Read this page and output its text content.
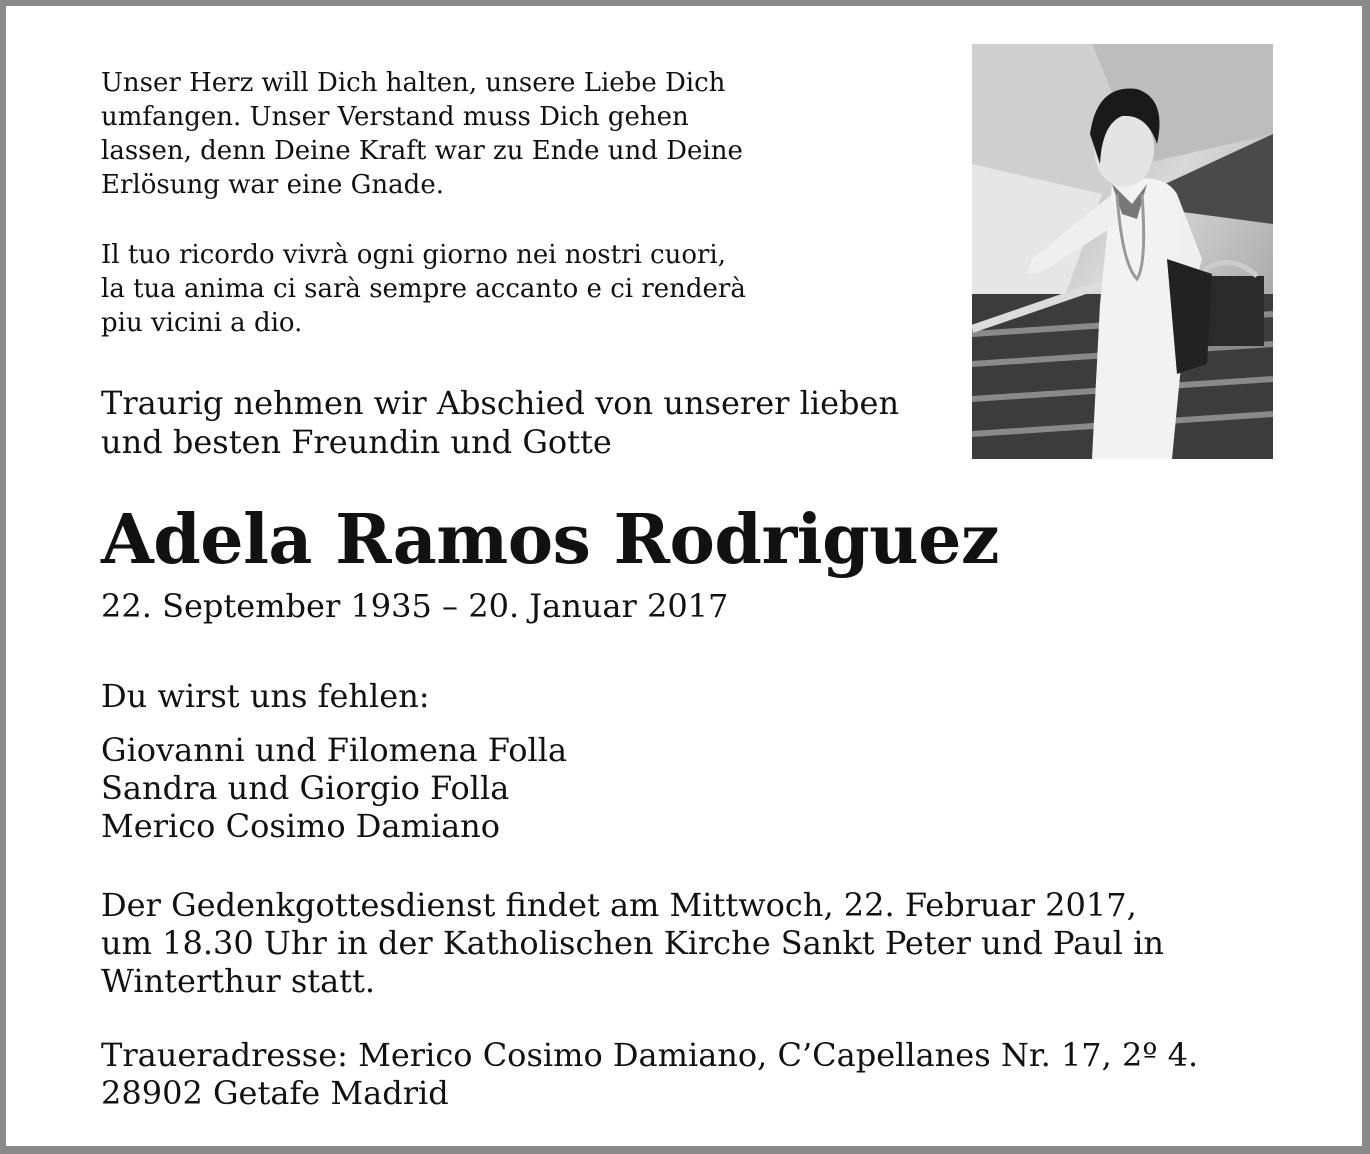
Unser Herz will Dich halten, unsere Liebe Dich
umfangen. Unser Verstand muss Dich gehen
lassen, denn Deine Kraft war zu Ende und Deine
Erlösung war eine Gnade.

Il tuo ricordo vivrà ogni giorno nei nostri cuori,
la tua anima ci sarà sempre accanto e ci renderà
piu vicini a dio.

Traurig nehmen wir Abschied von unserer lieben
und besten Freundin und Gotte

Adela Ramos Rodriguez

22. September 1935 – 20. Januar 2017

Du wirst uns fehlen:

Giovanni und Filomena Folla
Sandra und Giorgio Folla
Merico Cosimo Damiano

Der Gedenkgottesdienst findet am Mittwoch, 22. Februar 2017,
um 18.30 Uhr in der Katholischen Kirche Sankt Peter und Paul in
Winterthur statt.

Traueradresse: Merico Cosimo Damiano, C’Capellanes Nr. 17, 2º 4.
28902 Getafe Madrid
